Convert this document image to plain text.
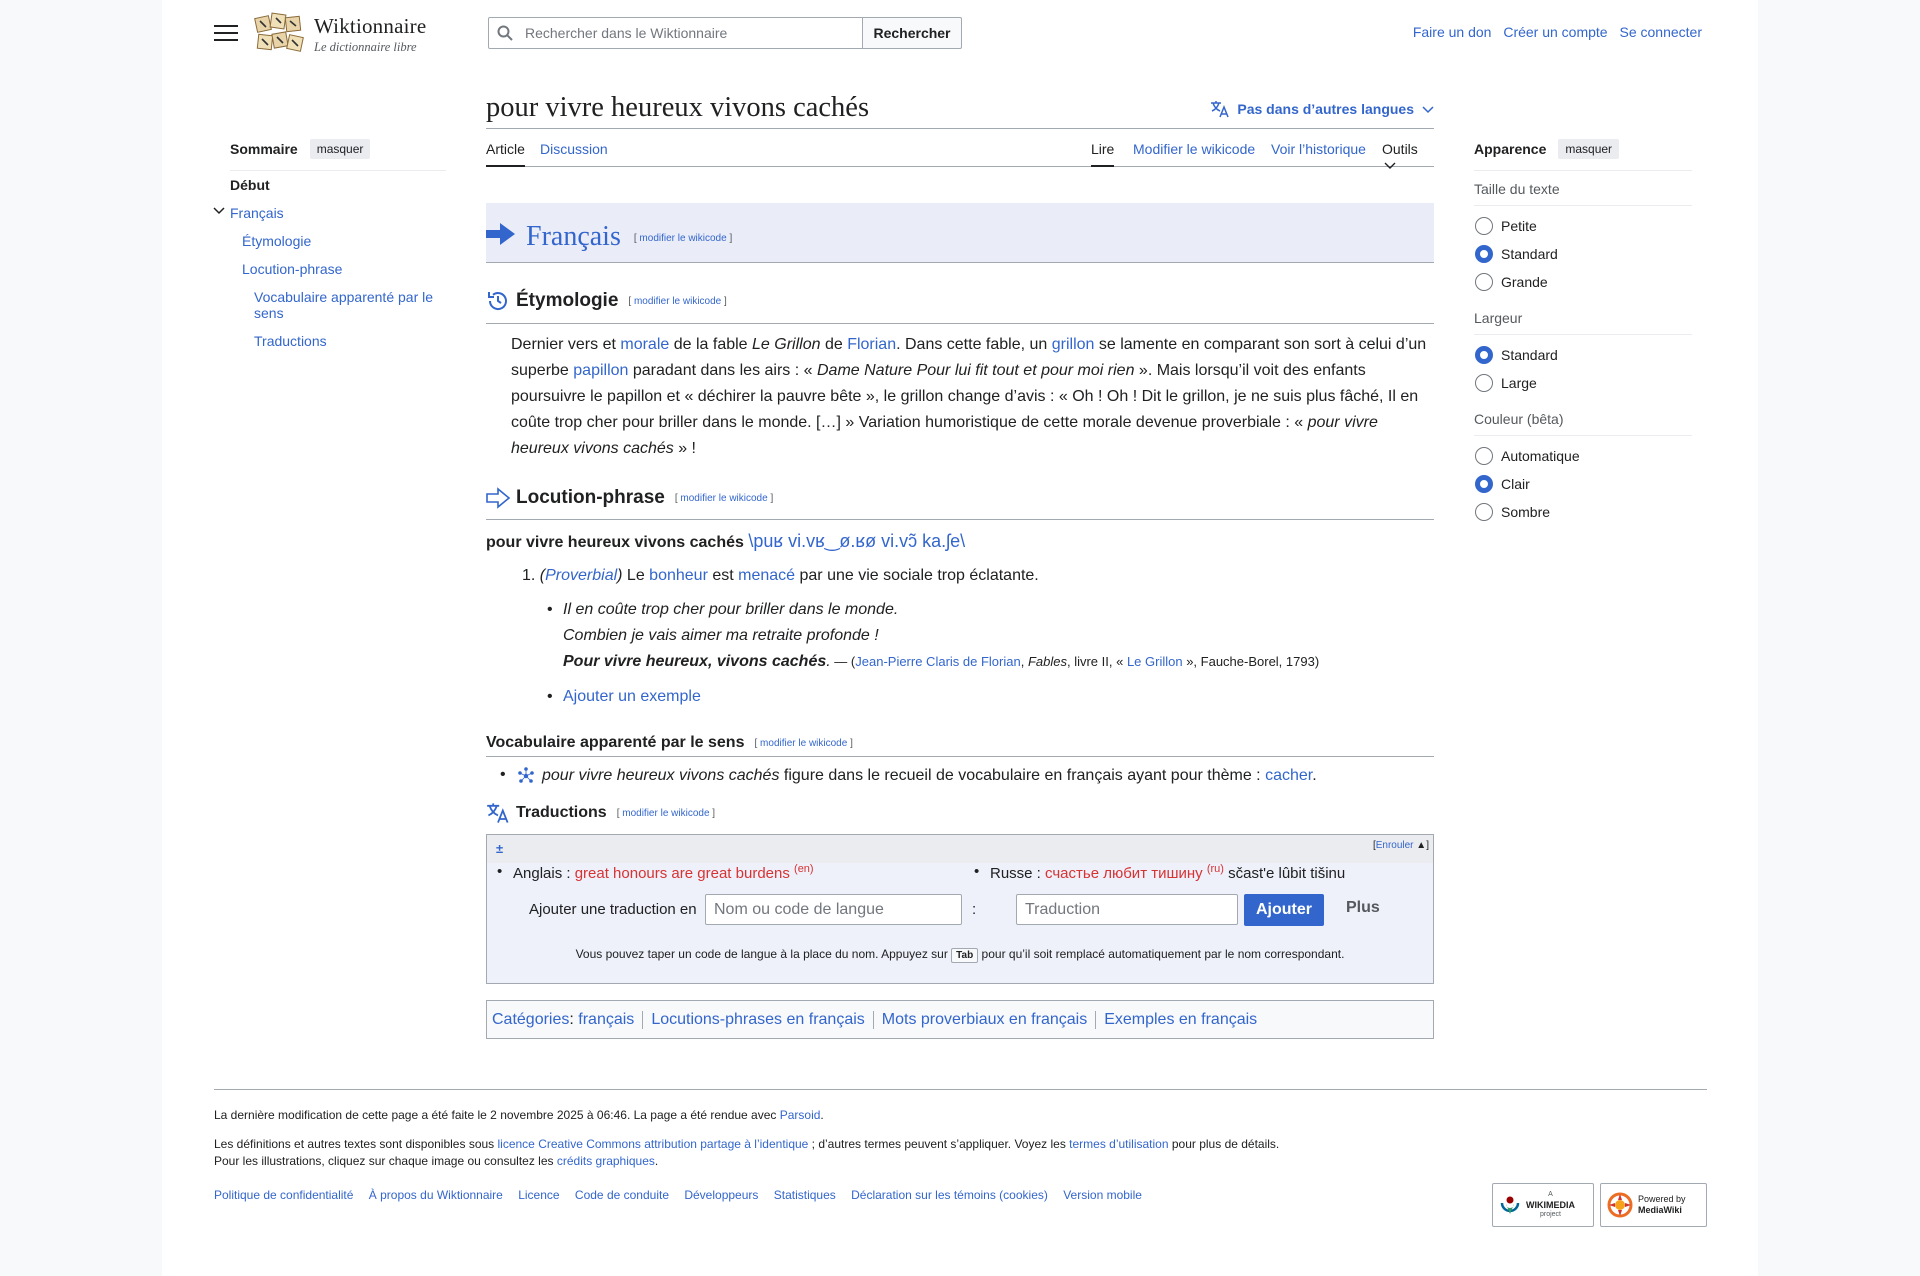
Wiktionnaire
Le dictionnaire libre
Rechercher dans le Wiktionnaire
Rechercher	Faire un don Créer un compte Se connecter
Sommaire	masquer
Début
Français
Étymologie
Locution-phrase
Vocabulaire apparenté par le
sens
Traductions
pour vivre heureux vivons cachés	Pas dans d’autres langues
Article Discussion	Lire Modifier le wikicode Voir l’historique Outils
Français [ modifier le wikicode ]
Étymologie [ modifier le wikicode ]
Dernier vers et morale de la fable Le Grillon de Florian. Dans cette fable, un grillon se lamente en comparant son sort à celui d’un superbe papillon paradant dans les airs : « Dame Nature Pour lui fit tout et pour moi rien ». Mais lorsqu’il voit des enfants poursuivre le papillon et « déchirer la pauvre bête », le grillon change d’avis : « Oh ! Oh ! Dit le grillon, je ne suis plus fâché, Il en coûte trop cher pour briller dans le monde. […] » Variation humoristique de cette morale devenue proverbiale : « pour vivre heureux vivons cachés » !
Locution-phrase [ modifier le wikicode ]
pour vivre heureux vivons cachés \puʁ vi.vʁ‿ø.ʁø vi.vɔ̃ ka.ʃe\
1. (Proverbial) Le bonheur est menacé par une vie sociale trop éclatante.
• Il en coûte trop cher pour briller dans le monde.
Combien je vais aimer ma retraite profonde !
Pour vivre heureux, vivons cachés. — (Jean-Pierre Claris de Florian, Fables, livre II, « Le Grillon », Fauche-Borel, 1793)
• Ajouter un exemple
Vocabulaire apparenté par le sens [ modifier le wikicode ]
• pour vivre heureux vivons cachés figure dans le recueil de vocabulaire en français ayant pour thème : cacher.
Traductions [ modifier le wikicode ]
±	[Enrouler ▲]
• Anglais : great honours are great burdens $^{(en)}$
•	Russe : счастье любит тишину $^{(ru)}$ sčast'e lûbit tišinu
Ajouter une traduction en	:	Plus
Vous pouvez taper un code de langue à la place du nom. Appuyez sur Tab pour qu’il soit remplacé automatiquement par le nom correspondant.
Nom ou code de langue
Traduction
Ajouter
Catégories :
français Locutions-phrases en français Mots proverbiaux en français Exemples en français
Apparence	masquer
Taille du texte
Petite
Standard
Grande
Largeur
Standard
Large
Couleur (bêta)
Automatique
Clair
Sombre
La dernière modification de cette page a été faite le 2 novembre 2025 à 06:46. La page a été rendue avec Parsoid.
Les définitions et autres textes sont disponibles sous licence Creative Commons attribution partage à l’identique ; d’autres termes peuvent s’appliquer. Voyez les termes d’utilisation pour plus de détails.
Pour les illustrations, cliquez sur chaque image ou consultez les crédits graphiques.
Politique de confidentialité À propos du Wiktionnaire Licence Code de conduite Développeurs Statistiques Déclaration sur les témoins (cookies) Version mobile	A
WIKIMEDIA
project
Powered by
MediaWiki
